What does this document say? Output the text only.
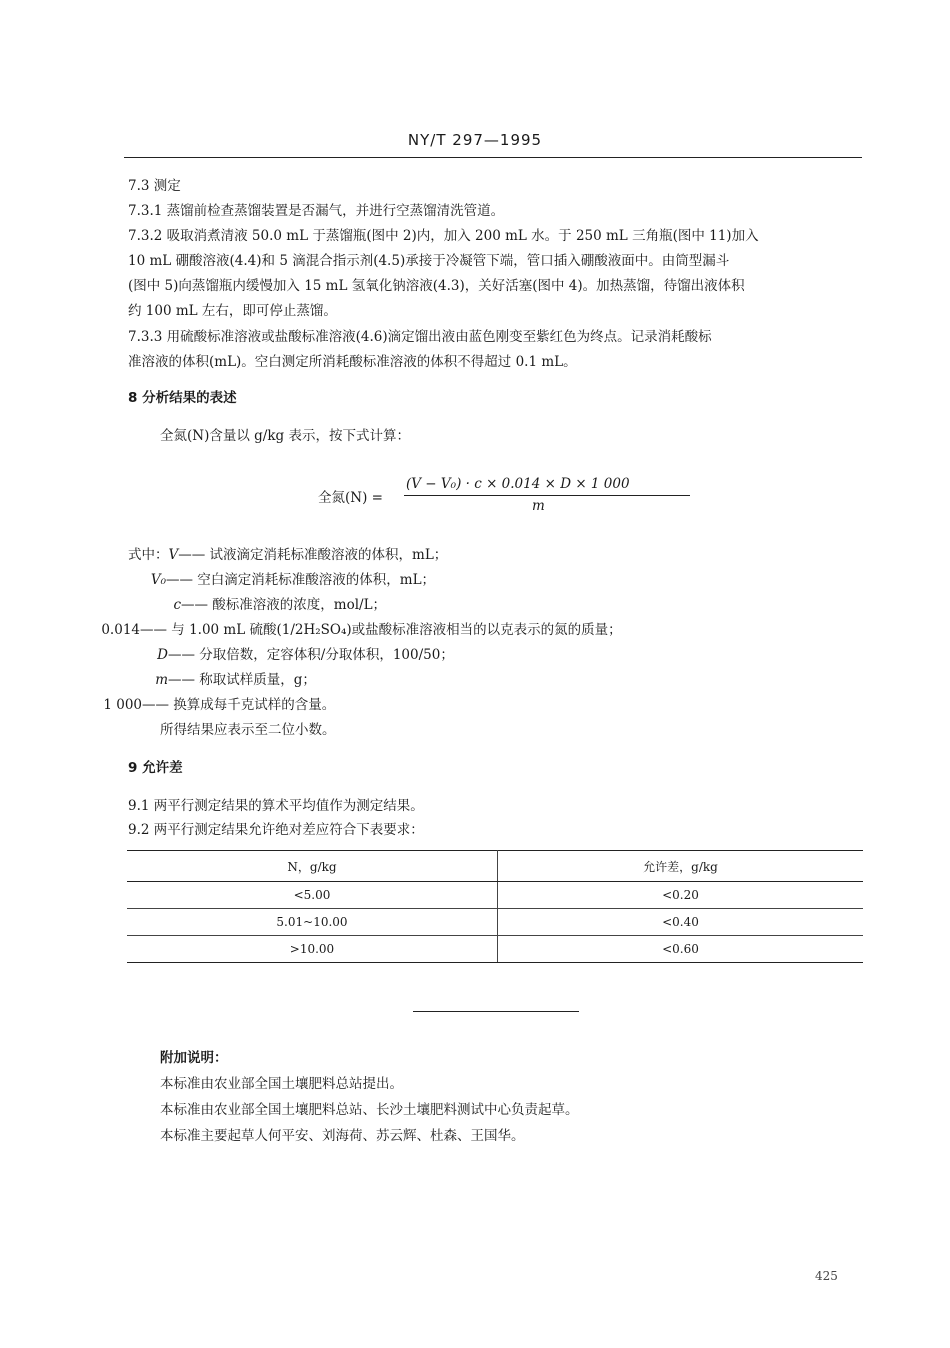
NY/T 297—1995
7.3 测定
7.3.1 蒸馏前检查蒸馏装置是否漏气，并进行空蒸馏清洗管道。
7.3.2 吸取消煮清液 50.0 mL 于蒸馏瓶(图中 2)内，加入 200 mL 水。于 250 mL 三角瓶(图中 11)加入
10 mL 硼酸溶液(4.4)和 5 滴混合指示剂(4.5)承接于冷凝管下端，管口插入硼酸液面中。由筒型漏斗
(图中 5)向蒸馏瓶内缓慢加入 15 mL 氢氧化钠溶液(4.3)，关好活塞(图中 4)。加热蒸馏，待馏出液体积
约 100 mL 左右，即可停止蒸馏。
7.3.3 用硫酸标准溶液或盐酸标准溶液(4.6)滴定馏出液由蓝色刚变至紫红色为终点。记录消耗酸标
准溶液的体积(mL)。空白测定所消耗酸标准溶液的体积不得超过 0.1 mL。
8 分析结果的表述
全氮(N)含量以 g/kg 表示，按下式计算：
全氮(N) =
(V − V₀) · c × 0.014 × D × 1 000
m
式中：V—— 试液滴定消耗标准酸溶液的体积，mL；
V₀—— 空白滴定消耗标准酸溶液的体积，mL；
c—— 酸标准溶液的浓度，mol/L；
0.014—— 与 1.00 mL 硫酸(1/2H₂SO₄)或盐酸标准溶液相当的以克表示的氮的质量；
D—— 分取倍数，定容体积/分取体积，100/50；
m—— 称取试样质量，g；
1 000—— 换算成每千克试样的含量。
所得结果应表示至二位小数。
9 允许差
9.1 两平行测定结果的算术平均值作为测定结果。
9.2 两平行测定结果允许绝对差应符合下表要求：
N，g/kg	允许差，g/kg
<5.00	<0.20
5.01~10.00	<0.40
>10.00	<0.60
附加说明：
本标准由农业部全国土壤肥料总站提出。
本标准由农业部全国土壤肥料总站、长沙土壤肥料测试中心负责起草。
本标准主要起草人何平安、刘海荷、苏云辉、杜森、王国华。
425
